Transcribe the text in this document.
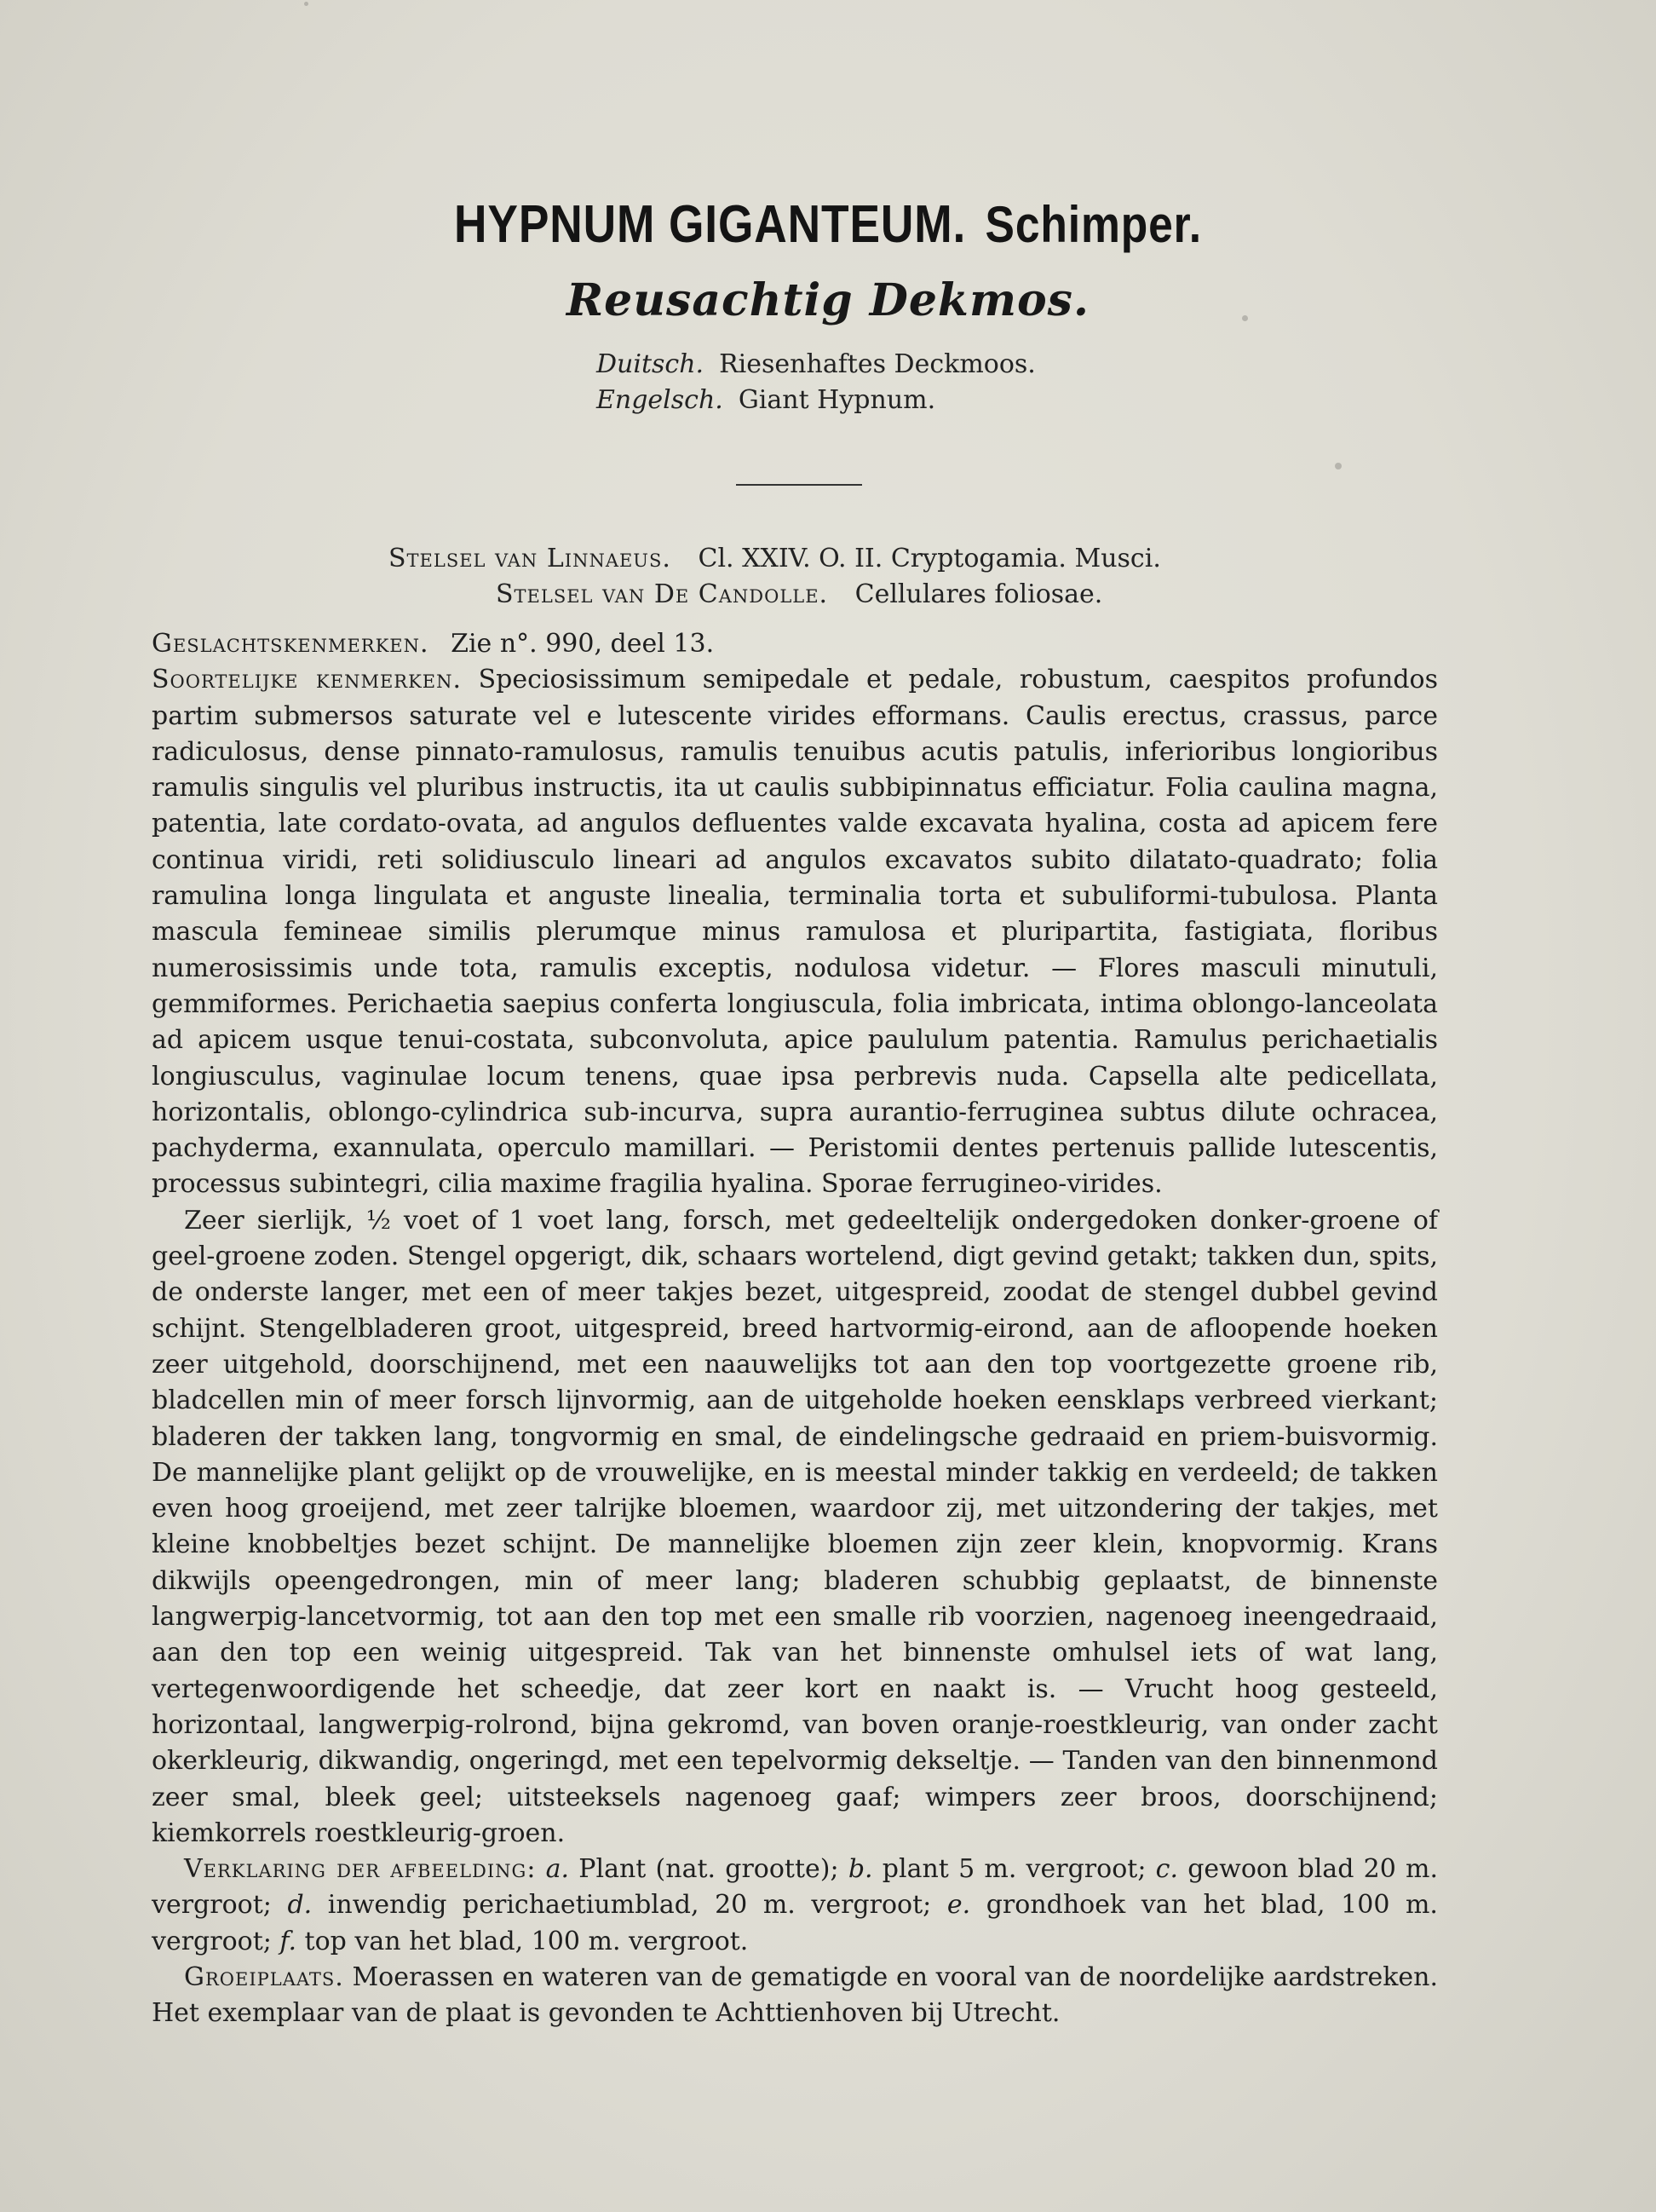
HYPNUM GIGANTEUM. Schimper.
Reusachtig Dekmos.
Duitsch. Riesenhaftes Deckmoos.
Engelsch. Giant Hypnum.
Stelsel van Linnaeus. Cl. XXIV. O. II. Cryptogamia. Musci.
Stelsel van De Candolle. Cellulares foliosae.

Geslachtskenmerken. Zie n°. 990, deel 13.

Soortelijke kenmerken. Speciosissimum semipedale et pedale, robustum, caespitos profundos partim submersos saturate vel e lutescente virides efformans. Caulis erectus, crassus, parce radiculosus, dense pinnato-ramulosus, ramulis tenuibus acutis patulis, inferioribus longioribus ramulis singulis vel pluribus instructis, ita ut caulis subbipinnatus efficiatur. Folia caulina magna, patentia, late cordato-ovata, ad angulos defluentes valde excavata hyalina, costa ad apicem fere continua viridi, reti solidiusculo lineari ad angulos excavatos subito dilatato-quadrato; folia ramulina longa lingulata et anguste linealia, terminalia torta et subuliformi-tubulosa. Planta mascula femineae similis plerumque minus ramulosa et pluripartita, fastigiata, floribus numerosissimis unde tota, ramulis exceptis, nodulosa videtur. — Flores masculi minutuli, gemmiformes. Perichaetia saepius conferta longiuscula, folia imbricata, intima oblongo-lanceolata ad apicem usque tenui-costata, subconvoluta, apice paululum patentia. Ramulus perichaetialis longiusculus, vaginulae locum tenens, quae ipsa perbrevis nuda. Capsella alte pedicellata, horizontalis, oblongo-cylindrica sub-incurva, supra aurantio-ferruginea subtus dilute ochracea, pachyderma, exannulata, operculo mamillari. — Peristomii dentes pertenuis pallide lutescentis, processus subintegri, cilia maxime fragilia hyalina. Sporae ferrugineo-virides.

Zeer sierlijk, ½ voet of 1 voet lang, forsch, met gedeeltelijk ondergedoken donker-groene of geel-groene zoden. Stengel opgerigt, dik, schaars wortelend, digt gevind getakt; takken dun, spits, de onderste langer, met een of meer takjes bezet, uitgespreid, zoodat de stengel dubbel gevind schijnt. Stengelbladeren groot, uitgespreid, breed hartvormig-eirond, aan de afloopende hoeken zeer uitgehold, doorschijnend, met een naauwelijks tot aan den top voortgezette groene rib, bladcellen min of meer forsch lijnvormig, aan de uitgeholde hoeken eensklaps verbreed vierkant; bladeren der takken lang, tongvormig en smal, de eindelingsche gedraaid en priem-buisvormig. De mannelijke plant gelijkt op de vrouwelijke, en is meestal minder takkig en verdeeld; de takken even hoog groeijend, met zeer talrijke bloemen, waardoor zij, met uitzondering der takjes, met kleine knobbeltjes bezet schijnt. De mannelijke bloemen zijn zeer klein, knopvormig. Krans dikwijls opeengedrongen, min of meer lang; bladeren schubbig geplaatst, de binnenste langwerpig-lancetvormig, tot aan den top met een smalle rib voorzien, nagenoeg ineengedraaid, aan den top een weinig uitgespreid. Tak van het binnenste omhulsel iets of wat lang, vertegenwoordigende het scheedje, dat zeer kort en naakt is. — Vrucht hoog gesteeld, horizontaal, langwerpig-rolrond, bijna gekromd, van boven oranje-roestkleurig, van onder zacht okerkleurig, dikwandig, ongeringd, met een tepelvormig dekseltje. — Tanden van den binnenmond zeer smal, bleek geel; uitsteeksels nagenoeg gaaf; wimpers zeer broos, doorschijnend; kiemkorrels roestkleurig-groen.

Verklaring der afbeelding: a. Plant (nat. grootte); b. plant 5 m. vergroot; c. gewoon blad 20 m. vergroot; d. inwendig perichaetiumblad, 20 m. vergroot; e. grondhoek van het blad, 100 m. vergroot; f. top van het blad, 100 m. vergroot.

Groeiplaats. Moerassen en wateren van de gematigde en vooral van de noordelijke aardstreken. Het exemplaar van de plaat is gevonden te Achttienhoven bij Utrecht.
